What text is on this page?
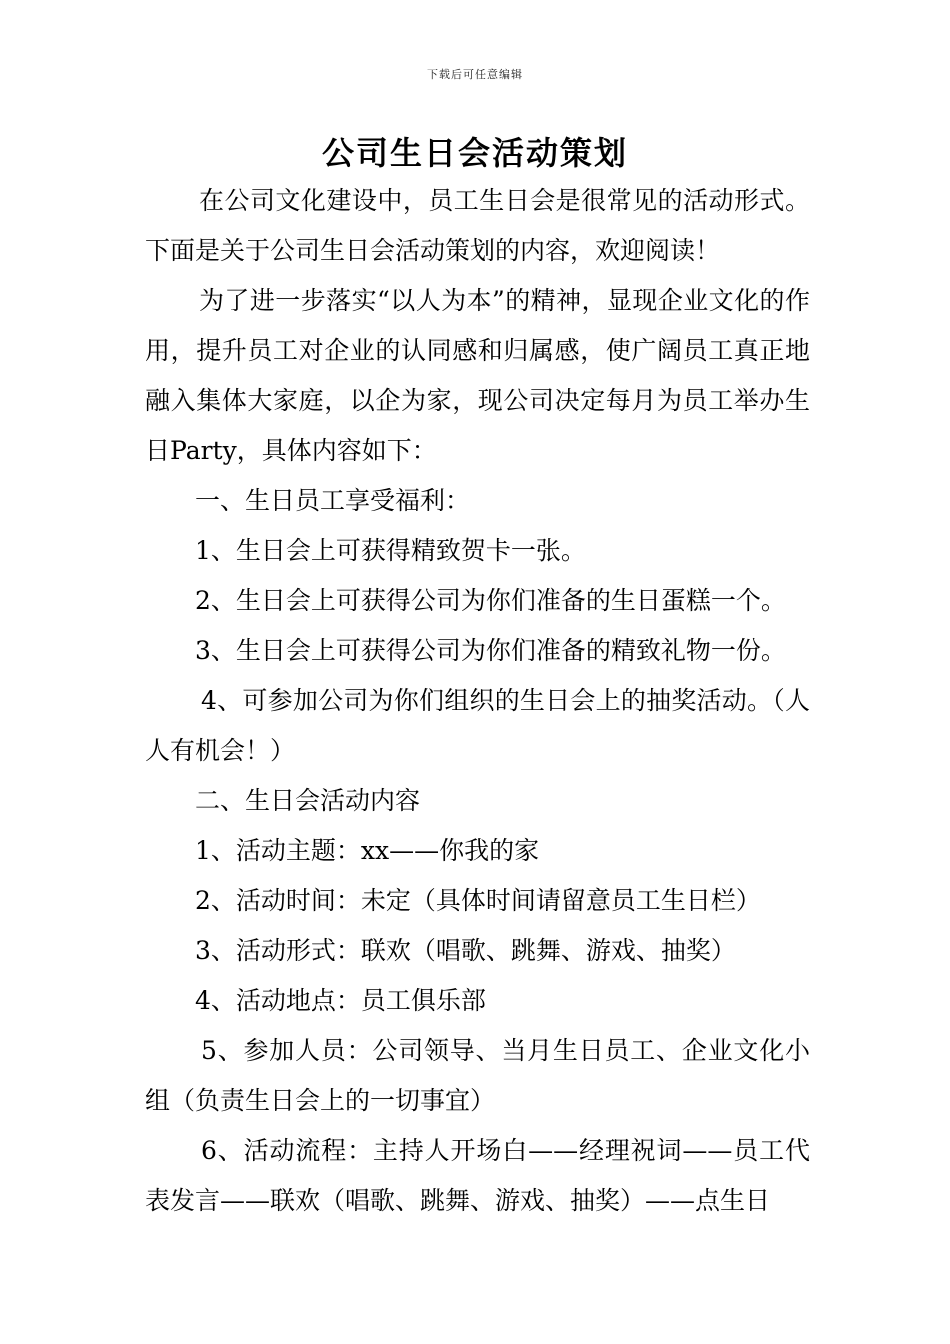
下载后可任意编辑
公司生日会活动策划

在公司文化建设中，员工生日会是很常见的活动形式。下面是关于公司生日会活动策划的内容，欢迎阅读！

为了进一步落实“以人为本”的精神，显现企业文化的作用，提升员工对企业的认同感和归属感，使广阔员工真正地融入集体大家庭，以企为家，现公司决定每月为员工举办生日Party，具体内容如下：

一、生日员工享受福利：

1、生日会上可获得精致贺卡一张。

2、生日会上可获得公司为你们准备的生日蛋糕一个。

3、生日会上可获得公司为你们准备的精致礼物一份。

4、可参加公司为你们组织的生日会上的抽奖活动。（人人有机会！）

二、生日会活动内容

1、活动主题：xx——你我的家

2、活动时间：未定（具体时间请留意员工生日栏）

3、活动形式：联欢（唱歌、跳舞、游戏、抽奖）

4、活动地点：员工俱乐部

5、参加人员：公司领导、当月生日员工、企业文化小组（负责生日会上的一切事宜）

6、活动流程：主持人开场白——经理祝词——员工代表发言——联欢（唱歌、跳舞、游戏、抽奖）——点生日
